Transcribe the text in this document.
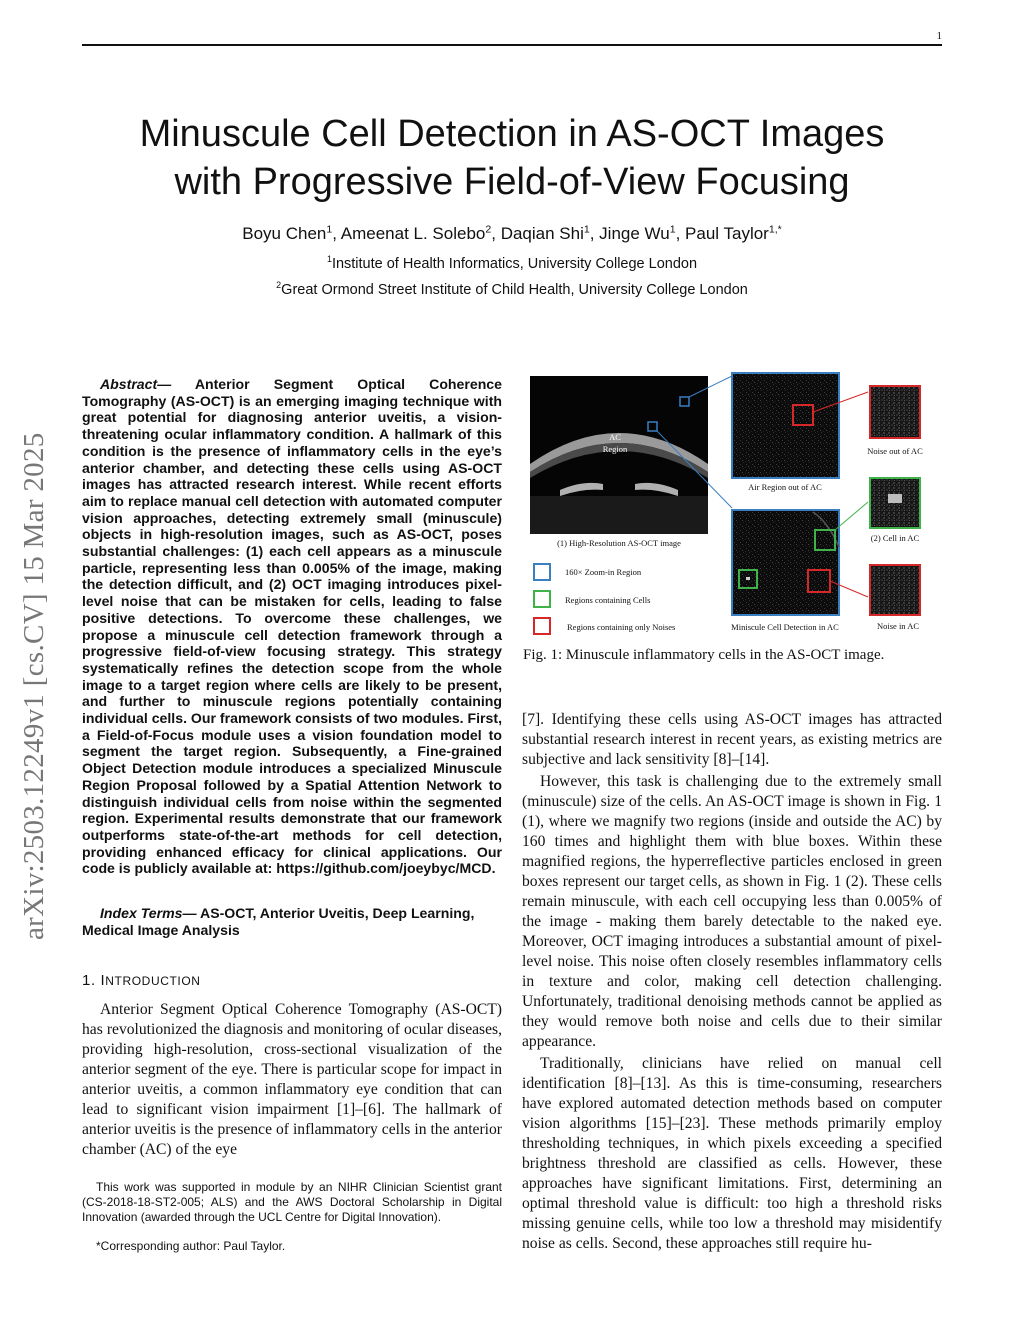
1
Minuscule Cell Detection in AS-OCT Images
with Progressive Field-of-View Focusing
Boyu Chen$^1$, Ameenat L. Solebo$^2$, Daqian Shi$^1$, Jinge Wu$^1$, Paul Taylor$^{1,*}$
$^1$Institute of Health Informatics, University College London
$^2$Great Ormond Street Institute of Child Health, University College London
arXiv:2503.12249v1 [cs.CV] 15 Mar 2025

Abstract— Anterior Segment Optical Coherence Tomography (AS-OCT) is an emerging imaging technique with great potential for diagnosing anterior uveitis, a vision-threatening ocular inflammatory condition. A hallmark of this condition is the presence of inflammatory cells in the eye’s anterior chamber, and detecting these cells using AS-OCT images has attracted research interest. While recent efforts aim to replace manual cell detection with automated computer vision approaches, detecting extremely small (minuscule) objects in high-resolution images, such as AS-OCT, poses substantial challenges: (1) each cell appears as a minuscule particle, representing less than 0.005% of the image, making the detection difficult, and (2) OCT imaging introduces pixel-level noise that can be mistaken for cells, leading to false positive detections. To overcome these challenges, we propose a minuscule cell detection framework through a progressive field-of-view focusing strategy. This strategy systematically refines the detection scope from the whole image to a target region where cells are likely to be present, and further to minuscule regions potentially containing individual cells. Our framework consists of two modules. First, a Field-of-Focus module uses a vision foundation model to segment the target region. Subsequently, a Fine-grained Object Detection module introduces a specialized Minuscule Region Proposal followed by a Spatial Attention Network to distinguish individual cells from noise within the segmented region. Experimental results demonstrate that our framework outperforms state-of-the-art methods for cell detection, providing enhanced efficacy for clinical applications. Our code is publicly available at: https://github.com/joeybyc/MCD.

Index Terms— AS-OCT, Anterior Uveitis, Deep Learning, Medical Image Analysis

1. INTRODUCTION

Anterior Segment Optical Coherence Tomography (AS-OCT) has revolutionized the diagnosis and monitoring of ocular diseases, providing high-resolution, cross-sectional visualization of the anterior segment of the eye. There is particular scope for impact in anterior uveitis, a common inflammatory eye condition that can lead to significant vision impairment [1]–[6]. The hallmark of anterior uveitis is the presence of inflammatory cells in the anterior chamber (AC) of the eye

This work was supported in module by an NIHR Clinician Scientist grant (CS-2018-18-ST2-005; ALS) and the AWS Doctoral Scholarship in Digital Innovation (awarded through the UCL Centre for Digital Innovation).

*Corresponding author: Paul Taylor.
AC
Region
(1) High-Resolution AS-OCT image
Air Region out of AC
Miniscule Cell Detection in AC
Noise out of AC
(2) Cell in AC
Noise in AC
160× Zoom-in Region
Regions containing Cells
Regions containing only Noises
Fig. 1: Minuscule inflammatory cells in the AS-OCT image.

[7]. Identifying these cells using AS-OCT images has attracted substantial research interest in recent years, as existing metrics are subjective and lack sensitivity [8]–[14].

However, this task is challenging due to the extremely small (minuscule) size of the cells. An AS-OCT image is shown in Fig. 1 (1), where we magnify two regions (inside and outside the AC) by 160 times and highlight them with blue boxes. Within these magnified regions, the hyperreflective particles enclosed in green boxes represent our target cells, as shown in Fig. 1 (2). These cells remain minuscule, with each cell occupying less than 0.005% of the image - making them barely detectable to the naked eye. Moreover, OCT imaging introduces a substantial amount of pixel-level noise. This noise often closely resembles inflammatory cells in texture and color, making cell detection challenging. Unfortunately, traditional denoising methods cannot be applied as they would remove both noise and cells due to their similar appearance.

Traditionally, clinicians have relied on manual cell identification [8]–[13]. As this is time-consuming, researchers have explored automated detection methods based on computer vision algorithms [15]–[23]. These methods primarily employ thresholding techniques, in which pixels exceeding a specified brightness threshold are classified as cells. However, these approaches have significant limitations. First, determining an optimal threshold value is difficult: too high a threshold risks missing genuine cells, while too low a threshold may misidentify noise as cells. Second, these approaches still require hu-
